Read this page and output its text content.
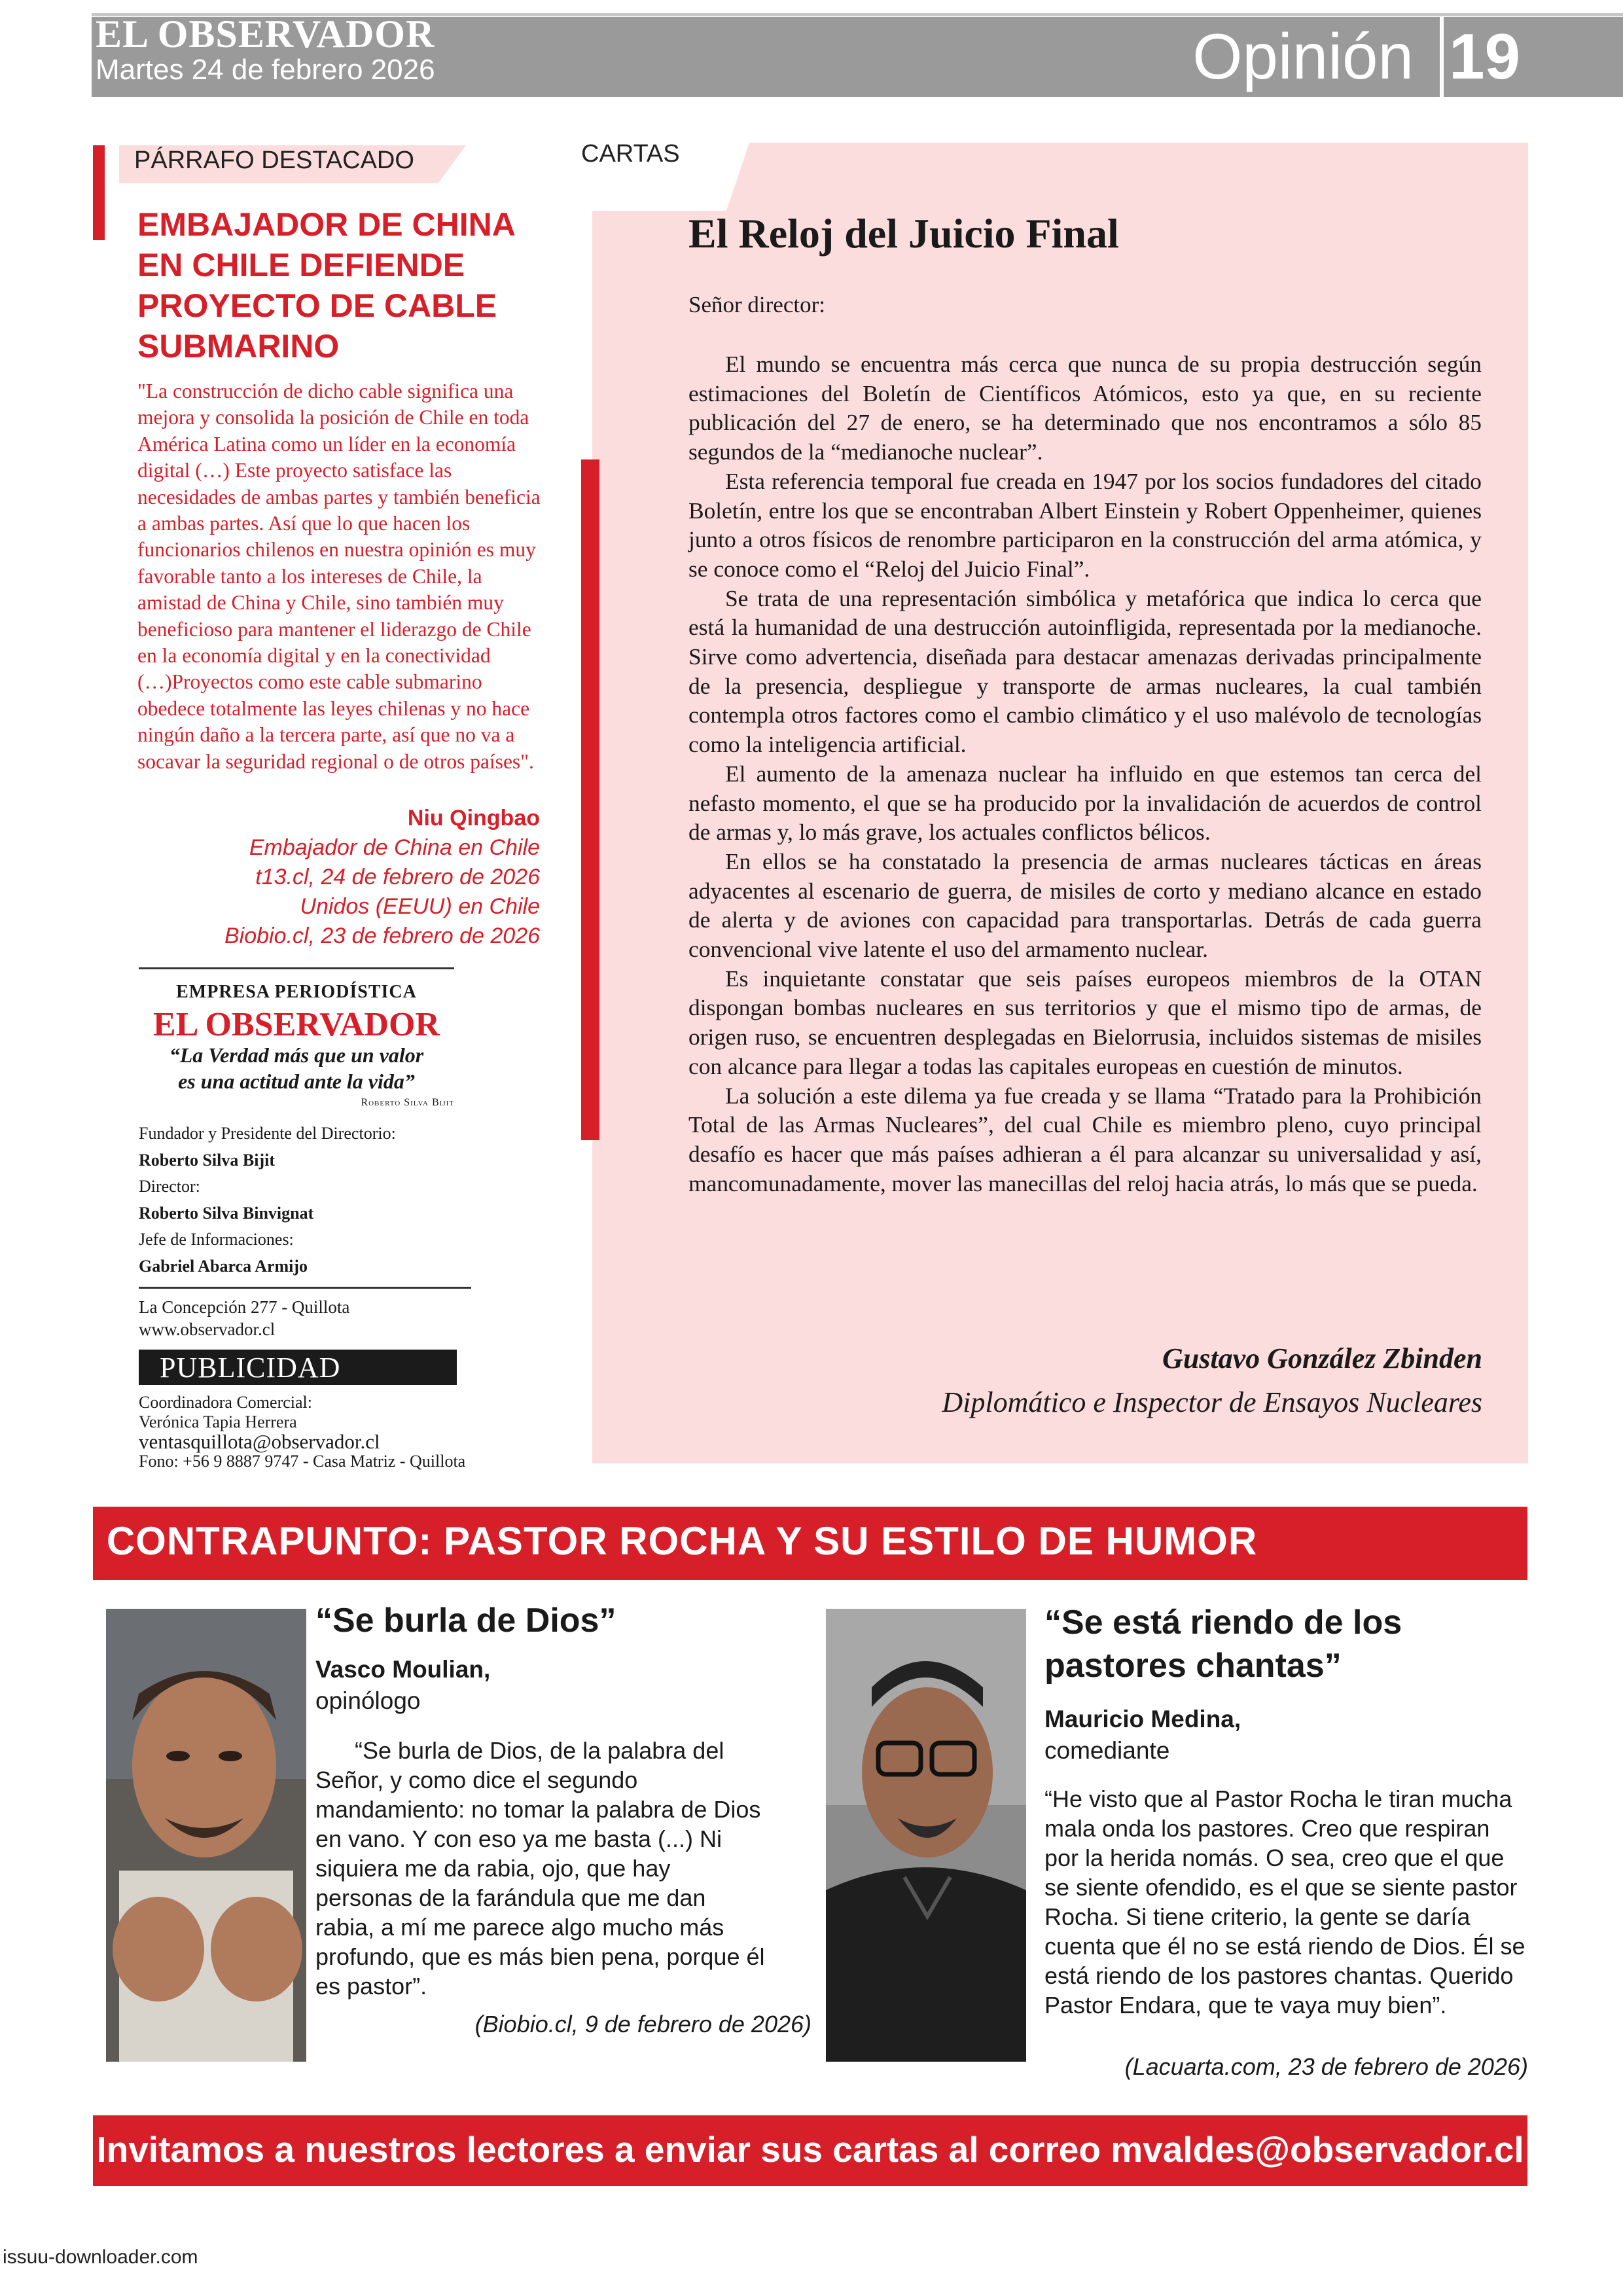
EL OBSERVADOR
Martes 24 de febrero 2026	Opinión 19
PÁRRAFO DESTACADO
EMBAJADOR DE CHINA EN CHILE DEFIENDE PROYECTO DE CABLE SUBMARINO
"La construcción de dicho cable significa una mejora y consolida la posición de Chile en toda América Latina como un líder en la economía digital (…) Este proyecto satisface las necesidades de ambas partes y también beneficia a ambas partes. Así que lo que hacen los funcionarios chilenos en nuestra opinión es muy favorable tanto a los intereses de Chile, la amistad de China y Chile, sino también muy beneficioso para mantener el liderazgo de Chile en la economía digital y en la conectividad (…)Proyectos como este cable submarino obedece totalmente las leyes chilenas y no hace ningún daño a la tercera parte, así que no va a socavar la seguridad regional o de otros países".
Niu Qingbao
Embajador de China en Chile
t13.cl, 24 de febrero de 2026
Unidos (EEUU) en Chile
Biobio.cl, 23 de febrero de 2026
EMPRESA PERIODÍSTICA
EL OBSERVADOR
“La Verdad más que un valor
es una actitud ante la vida”
Roberto Silva Bijit
Fundador y Presidente del Directorio:
Roberto Silva Bijit
Director:
Roberto Silva Binvignat
Jefe de Informaciones:
Gabriel Abarca Armijo
La Concepción 277 - Quillota
www.observador.cl
PUBLICIDAD
Coordinadora Comercial:
Verónica Tapia Herrera
ventasquillota@observador.cl
Fono: +56 9 8887 9747 - Casa Matriz - Quillota
CARTAS
El Reloj del Juicio Final
Señor director:

El mundo se encuentra más cerca que nunca de su propia destrucción según estimaciones del Boletín de Científicos Atómicos, esto ya que, en su reciente publicación del 27 de enero, se ha determinado que nos encontramos a sólo 85 segundos de la “medianoche nuclear”.

Esta referencia temporal fue creada en 1947 por los socios fundadores del citado Boletín, entre los que se encontraban Albert Einstein y Robert Oppenheimer, quienes junto a otros físicos de renombre participaron en la construcción del arma atómica, y se conoce como el “Reloj del Juicio Final”.

Se trata de una representación simbólica y metafórica que indica lo cerca que está la humanidad de una destrucción autoinfligida, representada por la medianoche. Sirve como advertencia, diseñada para destacar amenazas derivadas principalmente de la presencia, despliegue y transporte de armas nucleares, la cual también contempla otros factores como el cambio climático y el uso malévolo de tecnologías como la inteligencia artificial.

El aumento de la amenaza nuclear ha influido en que estemos tan cerca del nefasto momento, el que se ha producido por la invalidación de acuerdos de control de armas y, lo más grave, los actuales conflictos bélicos.

En ellos se ha constatado la presencia de armas nucleares tácticas en áreas adyacentes al escenario de guerra, de misiles de corto y mediano alcance en estado de alerta y de aviones con capacidad para transportarlas. Detrás de cada guerra convencional vive latente el uso del armamento nuclear.

Es inquietante constatar que seis países europeos miembros de la OTAN dispongan bombas nucleares en sus territorios y que el mismo tipo de armas, de origen ruso, se encuentren desplegadas en Bielorrusia, incluidos sistemas de misiles con alcance para llegar a todas las capitales europeas en cuestión de minutos.

La solución a este dilema ya fue creada y se llama “Tratado para la Prohibición Total de las Armas Nucleares”, del cual Chile es miembro pleno, cuyo principal desafío es hacer que más países adhieran a él para alcanzar su universalidad y así, mancomunadamente, mover las manecillas del reloj hacia atrás, lo más que se pueda.

Gustavo González Zbinden
Diplomático e Inspector de Ensayos Nucleares
CONTRAPUNTO: PASTOR ROCHA Y SU ESTILO DE HUMOR
“Se burla de Dios”
Vasco Moulian,
opinólogo
“Se burla de Dios, de la palabra del Señor, y como dice el segundo mandamiento: no tomar la palabra de Dios en vano. Y con eso ya me basta (...) Ni siquiera me da rabia, ojo, que hay personas de la farándula que me dan rabia, a mí me parece algo mucho más profundo, que es más bien pena, porque él es pastor”.
(Biobio.cl, 9 de febrero de 2026)
“Se está riendo de los pastores chantas”
Mauricio Medina,
comediante
“He visto que al Pastor Rocha le tiran mucha mala onda los pastores. Creo que respiran por la herida nomás. O sea, creo que el que se siente ofendido, es el que se siente pastor Rocha. Si tiene criterio, la gente se daría cuenta que él no se está riendo de Dios. Él se está riendo de los pastores chantas. Querido Pastor Endara, que te vaya muy bien”.
(Lacuarta.com, 23 de febrero de 2026)
Invitamos a nuestros lectores a enviar sus cartas al correo mvaldes@observador.cl
issuu-downloader.com
